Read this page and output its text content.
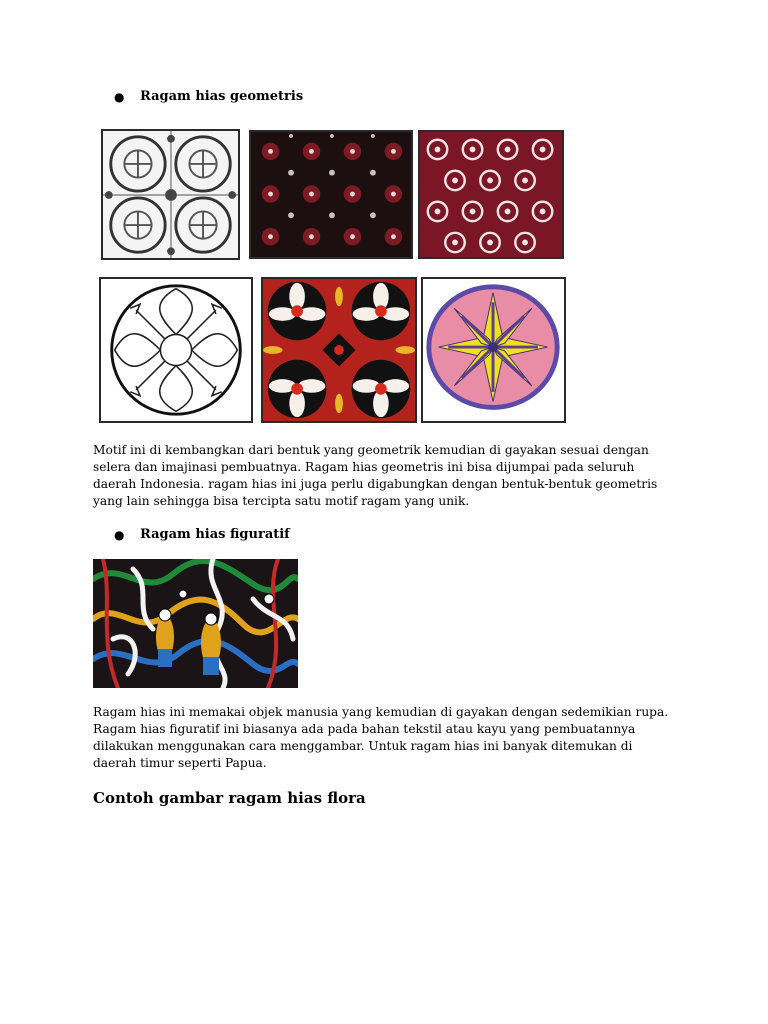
● Ragam hias geometris
Motif ini di kembangkan dari bentuk yang geometrik kemudian di gayakan sesuai dengan
selera dan imajinasi pembuatnya. Ragam hias geometris ini bisa dijumpai pada seluruh
daerah Indonesia. ragam hias ini juga perlu digabungkan dengan bentuk-bentuk geometris
yang lain sehingga bisa tercipta satu motif ragam yang unik.
● Ragam hias figuratif
Ragam hias ini memakai objek manusia yang kemudian di gayakan dengan sedemikian rupa.
Ragam hias figuratif ini biasanya ada pada bahan tekstil atau kayu yang pembuatannya
dilakukan menggunakan cara menggambar. Untuk ragam hias ini banyak ditemukan di
daerah timur seperti Papua.
Contoh gambar ragam hias flora
